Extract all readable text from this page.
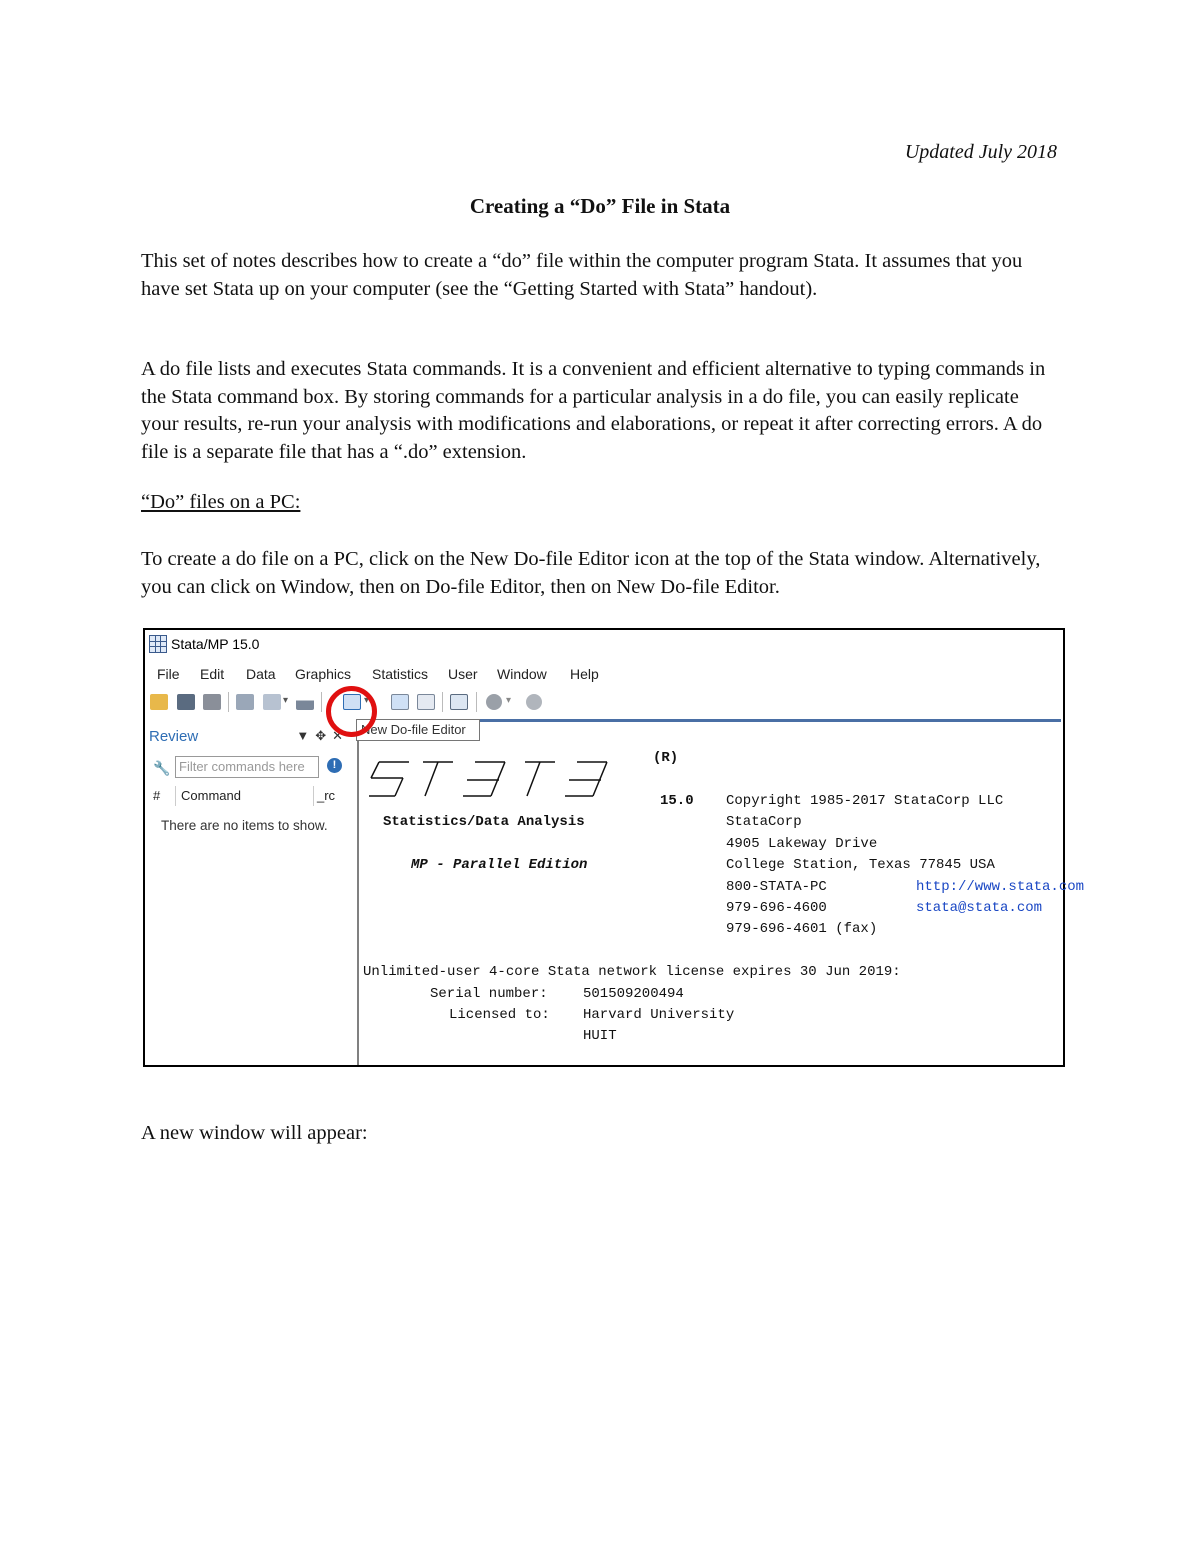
Updated July 2018
Creating a “Do” File in Stata

This set of notes describes how to create a “do” file within the computer program Stata. It assumes that you have set Stata up on your computer (see the “Getting Started with Stata” handout).

A do file lists and executes Stata commands. It is a convenient and efficient alternative to typing commands in the Stata command box. By storing commands for a particular analysis in a do file, you can easily replicate your results, re-run your analysis with modifications and elaborations, or repeat it after correcting errors. A do file is a separate file that has a “.do” extension.

“Do” files on a PC:

To create a do file on a PC, click on the New Do-file Editor icon at the top of the Stata window. Alternatively, you can click on Window, then on Do-file Editor, then on New Do-file Editor.

Stata/MP 15.0
File Edit Data Graphics Statistics User Window Help
▾	▾	▾
Review	▼✥✕
🔧 Filter commands here	!
# Command	_rc
There are no items to show.
(R)
15.0
Statistics/Data Analysis
MP - Parallel Edition
Copyright 1985-2017 StataCorp LLC
StataCorp
4905 Lakeway Drive
College Station, Texas 77845 USA
800-STATA-PC	http://www.stata.com
979-696-4600	stata@stata.com
979-696-4601 (fax)
Unlimited-user 4-core Stata network license expires 30 Jun 2019:
Serial number:	501509200494
Licensed to: Harvard University
HUIT
New Do-file Editor

A new window will appear:
